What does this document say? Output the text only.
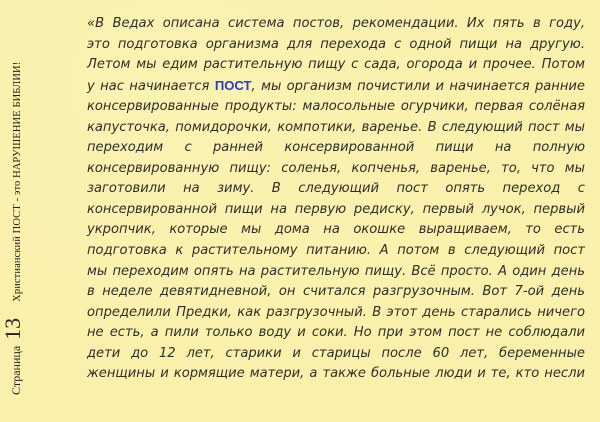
Страница
13
Христианский ПОСТ - это НАРУШЕНИЕ БИБЛИИ!
«В Ведах описана система постов, рекомендации. Их пять в году,
это подготовка организма для перехода с одной пищи на другую.
Летом мы едим растительную пищу с сада, огорода и прочее. Потом
у нас начинается ПОСТ, мы организм почистили и начинается ранние
консервированные продукты: малосольные огурчики, первая солёная
капусточка, помидорочки, компотики, варенье. В следующий пост мы
переходим с ранней консервированной пищи на полную
консервированную пищу: соленья, копченья, варенье, то, что мы
заготовили на зиму. В следующий пост опять переход с
консервированной пищи на первую редиску, первый лучок, первый
укропчик, которые мы дома на окошке выращиваем, то есть
подготовка к растительному питанию. А потом в следующий пост
мы переходим опять на растительную пищу. Всё просто. А один день
в неделе девятидневной, он считался разгрузочным. Вот 7-ой день
определили Предки, как разгрузочный. В этот день старались ничего
не есть, а пили только воду и соки. Но при этом пост не соблюдали
дети до 12 лет, старики и старицы после 60 лет, беременные
женщины и кормящие матери, а также больные люди и те, кто несли
